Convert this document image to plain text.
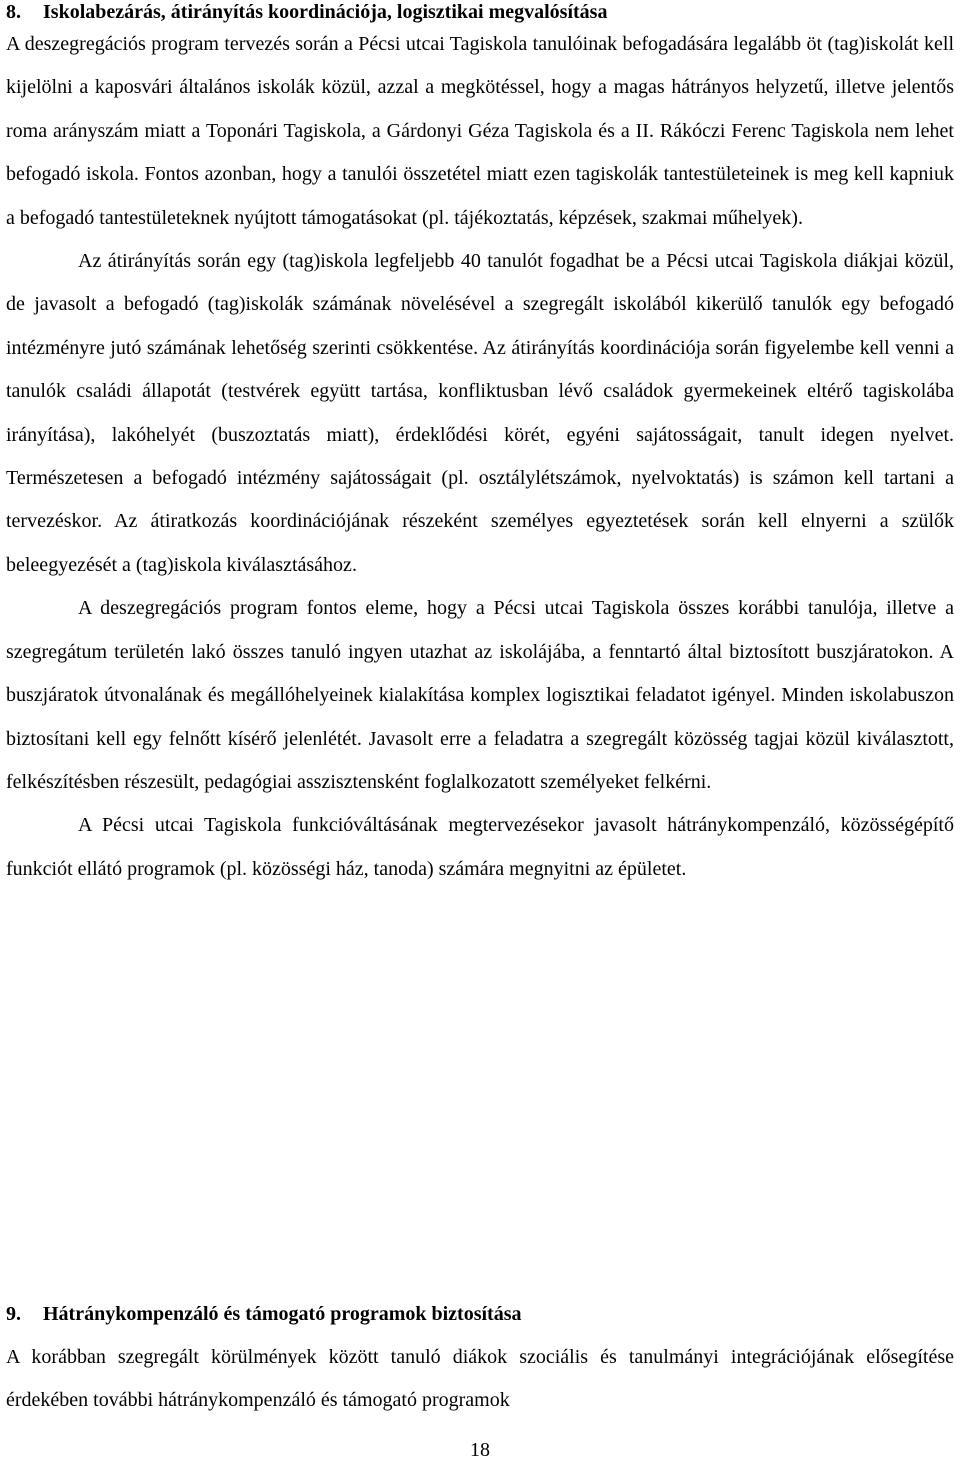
8. Iskolabezárás, átirányítás koordinációja, logisztikai megvalósítása

A deszegregációs program tervezés során a Pécsi utcai Tagiskola tanulóinak befogadására legalább öt (tag)iskolát kell kijelölni a kaposvári általános iskolák közül, azzal a megkötéssel, hogy a magas hátrányos helyzetű, illetve jelentős roma arányszám miatt a Toponári Tagiskola, a Gárdonyi Géza Tagiskola és a II. Rákóczi Ferenc Tagiskola nem lehet befogadó iskola. Fontos azonban, hogy a tanulói összetétel miatt ezen tagiskolák tantestületeinek is meg kell kapniuk a befogadó tantestületeknek nyújtott támogatásokat (pl. tájékoztatás, képzések, szakmai műhelyek).

Az átirányítás során egy (tag)iskola legfeljebb 40 tanulót fogadhat be a Pécsi utcai Tagiskola diákjai közül, de javasolt a befogadó (tag)iskolák számának növelésével a szegregált iskolából kikerülő tanulók egy befogadó intézményre jutó számának lehetőség szerinti csökkentése. Az átirányítás koordinációja során figyelembe kell venni a tanulók családi állapotát (testvérek együtt tartása, konfliktusban lévő családok gyermekeinek eltérő tagiskolába irányítása), lakóhelyét (buszoztatás miatt), érdeklődési körét, egyéni sajátosságait, tanult idegen nyelvet. Természetesen a befogadó intézmény sajátosságait (pl. osztálylétszámok, nyelvoktatás) is számon kell tartani a tervezéskor. Az átiratkozás koordinációjának részeként személyes egyeztetések során kell elnyerni a szülők beleegyezését a (tag)iskola kiválasztásához.

A deszegregációs program fontos eleme, hogy a Pécsi utcai Tagiskola összes korábbi tanulója, illetve a szegregátum területén lakó összes tanuló ingyen utazhat az iskolájába, a fenntartó által biztosított buszjáratokon. A buszjáratok útvonalának és megállóhelyeinek kialakítása komplex logisztikai feladatot igényel. Minden iskolabuszon biztosítani kell egy felnőtt kísérő jelenlétét. Javasolt erre a feladatra a szegregált közösség tagjai közül kiválasztott, felkészítésben részesült, pedagógiai asszisztensként foglalkozatott személyeket felkérni.

A Pécsi utcai Tagiskola funkcióváltásának megtervezésekor javasolt hátránykompenzáló, közösségépítő funkciót ellátó programok (pl. közösségi ház, tanoda) számára megnyitni az épületet.

9. Hátránykompenzáló és támogató programok biztosítása

A korábban szegregált körülmények között tanuló diákok szociális és tanulmányi integrációjának elősegítése érdekében további hátránykompenzáló és támogató programok

18
